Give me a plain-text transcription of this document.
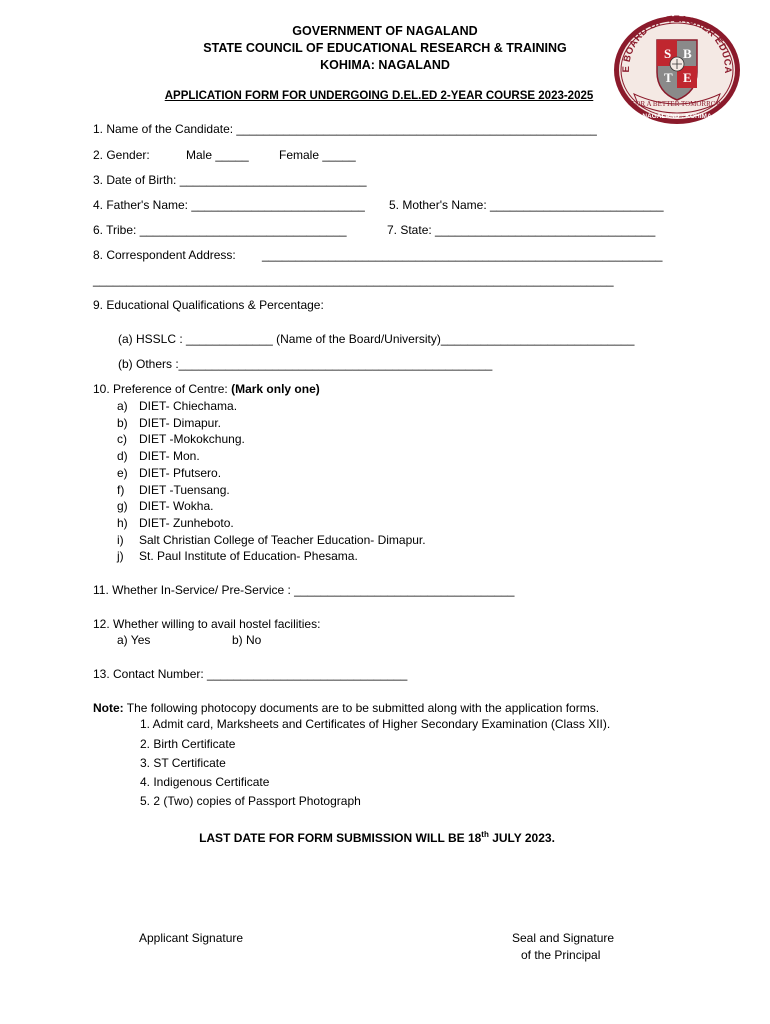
GOVERNMENT OF NAGALAND
STATE COUNCIL OF EDUCATIONAL RESEARCH & TRAINING
KOHIMA: NAGALAND
APPLICATION FORM FOR UNDERGOING D.EL.ED 2-YEAR COURSE 2023-2025
E BOARD OF TEACHER EDUCA
S B
T E
FOR A BETTER TOMORROW
NAGALAND : KOHIMA
1. Name of the Candidate: ______________________________________________________
2. Gender:	Male _____	Female _____
3. Date of Birth: ____________________________
4. Father's Name: __________________________ 5. Mother's Name: __________________________
6. Tribe: _______________________________	7. State: _________________________________
8. Correspondent Address: ____________________________________________________________
______________________________________________________________________________
9. Educational Qualifications & Percentage:
(a) HSSLC : _____________ (Name of the Board/University)_____________________________
(b) Others :_______________________________________________
10. Preference of Centre: (Mark only one)
a) DIET- Chiechama.
b) DIET- Dimapur.
c) DIET -Mokokchung.
d) DIET- Mon.
e) DIET- Pfutsero.
f) DIET -Tuensang.
g) DIET- Wokha.
h) DIET- Zunheboto.
i) Salt Christian College of Teacher Education- Dimapur.
j) St. Paul Institute of Education- Phesama.
11. Whether In-Service/ Pre-Service : _________________________________
12. Whether willing to avail hostel facilities:
a) Yes	b) No
13. Contact Number: ______________________________
Note: The following photocopy documents are to be submitted along with the application forms.
1. Admit card, Marksheets and Certificates of Higher Secondary Examination (Class XII).
2. Birth Certificate
3. ST Certificate
4. Indigenous Certificate
5. 2 (Two) copies of Passport Photograph
LAST DATE FOR FORM SUBMISSION WILL BE 18th JULY 2023.
Applicant Signature	Seal and Signature
of the Principal
